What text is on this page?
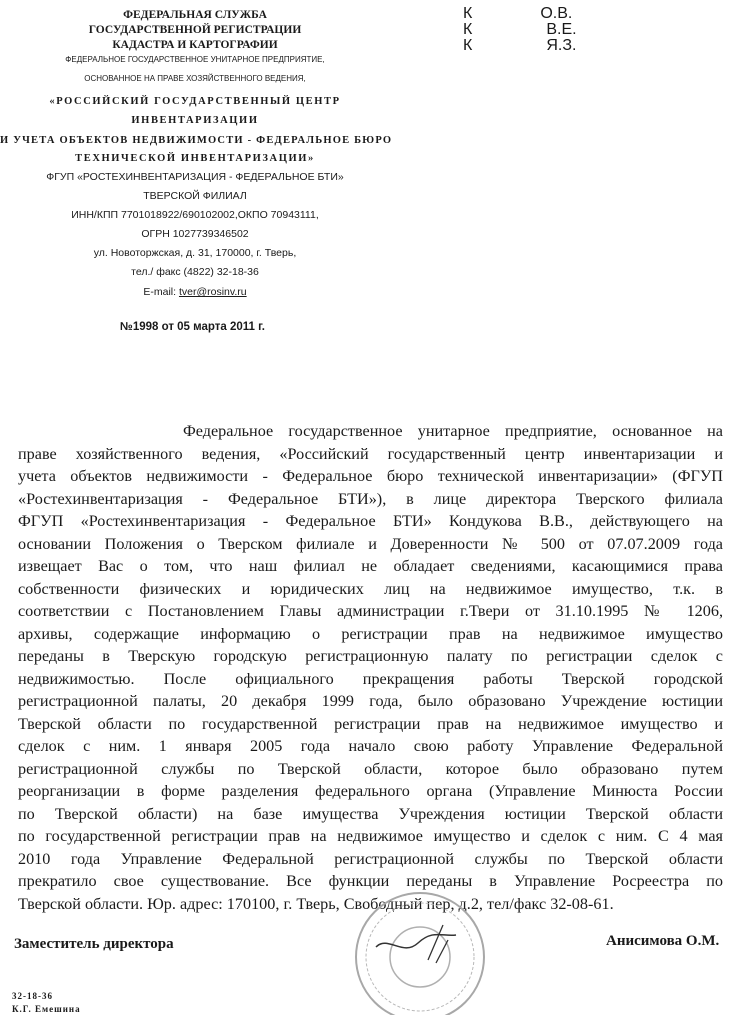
ФЕДЕРАЛЬНАЯ СЛУЖБА
ГОСУДАРСТВЕННОЙ РЕГИСТРАЦИИ
КАДАСТРА И КАРТОГРАФИИ
ФЕДЕРАЛЬНОЕ ГОСУДАРСТВЕННОЕ УНИТАРНОЕ ПРЕДПРИЯТИЕ,
ОСНОВАННОЕ НА ПРАВЕ ХОЗЯЙСТВЕННОГО ВЕДЕНИЯ,
«РОССИЙСКИЙ ГОСУДАРСТВЕННЫЙ ЦЕНТР
ИНВЕНТАРИЗАЦИИ
И УЧЕТА ОБЪЕКТОВ НЕДВИЖИМОСТИ - ФЕДЕРАЛЬНОЕ БЮРО
ТЕХНИЧЕСКОЙ ИНВЕНТАРИЗАЦИИ»
ФГУП «РОСТЕХИНВЕНТАРИЗАЦИЯ - ФЕДЕРАЛЬНОЕ БТИ»
ТВЕРСКОЙ ФИЛИАЛ
ИНН/КПП 7701018922/690102002,ОКПО 70943111,
ОГРН 1027739346502
ул. Новоторжская, д. 31, 170000, г. Тверь,
тел./ факс (4822) 32-18-36
E-mail: tver@rosinv.ru
№1998 от 05 марта 2011 г.
К	О.В.
К	В.Е.
К	Я.З.
Федеральное государственное унитарное предприятие, основанное на
праве хозяйственного ведения, «Российский государственный центр инвентаризации и
учета объектов недвижимости - Федеральное бюро технической инвентаризации» (ФГУП
«Ростехинвентаризация - Федеральное БТИ»), в лице директора Тверского филиала
ФГУП «Ростехинвентаризация - Федеральное БТИ» Кондукова В.В., действующего на
основании Положения о Тверском филиале и Доверенности № 500 от 07.07.2009 года
извещает Вас о том, что наш филиал не обладает сведениями, касающимися права
собственности физических и юридических лиц на недвижимое имущество, т.к. в
соответствии с Постановлением Главы администрации г.Твери от 31.10.1995 № 1206,
архивы, содержащие информацию о регистрации прав на недвижимое имущество
переданы в Тверскую городскую регистрационную палату по регистрации сделок с
недвижимостью. После официального прекращения работы Тверской городской
регистрационной палаты, 20 декабря 1999 года, было образовано Учреждение юстиции
Тверской области по государственной регистрации прав на недвижимое имущество и
сделок с ним. 1 января 2005 года начало свою работу Управление Федеральной
регистрационной службы по Тверской области, которое было образовано путем
реорганизации в форме разделения федерального органа (Управление Минюста России
по Тверской области) на базе имущества Учреждения юстиции Тверской области
по государственной регистрации прав на недвижимое имущество и сделок с ним. С 4 мая
2010 года Управление Федеральной регистрационной службы по Тверской области
прекратило свое существование. Все функции переданы в Управление Росреестра по
Тверской области. Юр. адрес: 170100, г. Тверь, Свободный пер, д.2, тел/факс 32-08-61.
Заместитель директора	Анисимова О.М.
32-18-36
К.Г. Емешина
